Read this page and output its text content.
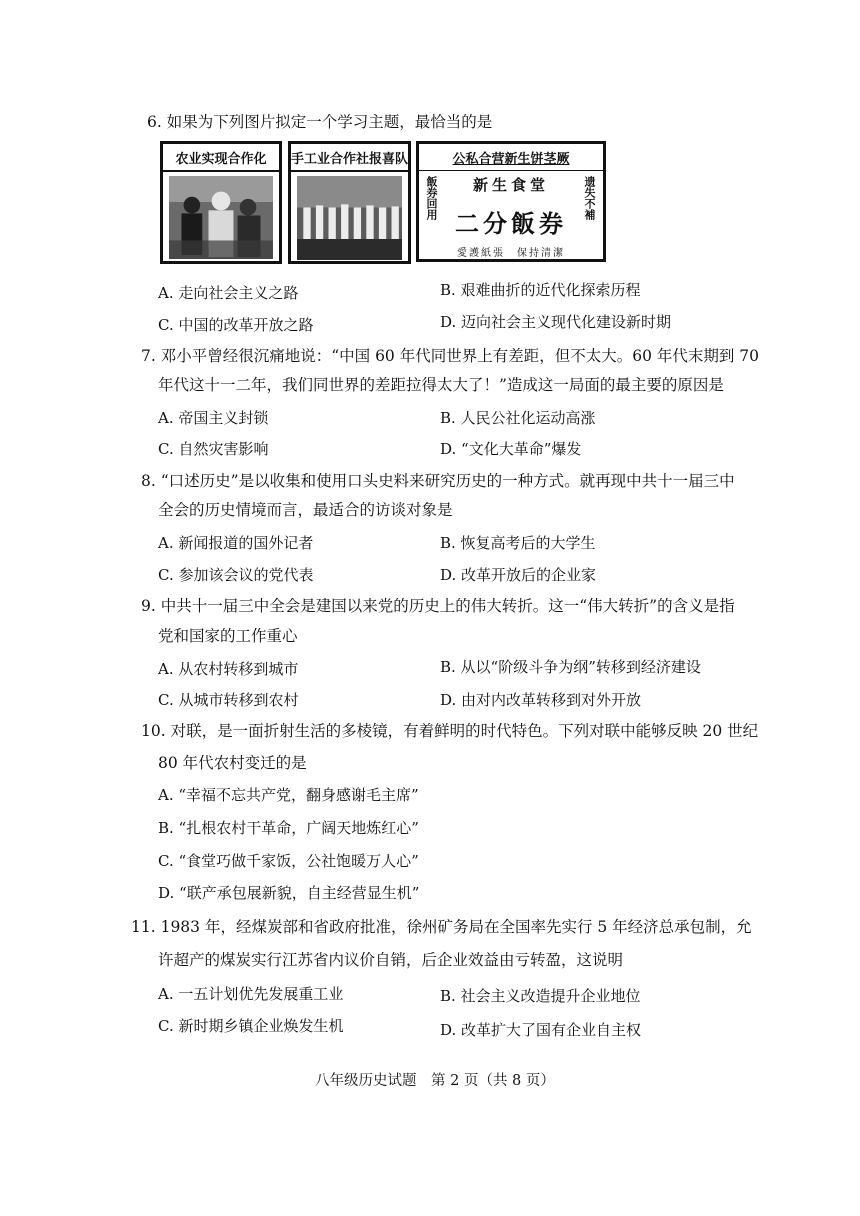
6. 如果为下列图片拟定一个学习主题，最恰当的是
农业实现合作化	手工业合作社报喜队	公私合营新生饼茎厥
飯券回用	遗失不補
新生食堂
二分飯券
愛護紙張　保持清潔
A. 走向社会主义之路	B. 艰难曲折的近代化探索历程
C. 中国的改革开放之路	D. 迈向社会主义现代化建设新时期
7. 邓小平曾经很沉痛地说：“中国 60 年代同世界上有差距，但不太大。60 年代末期到 70
年代这十一二年，我们同世界的差距拉得太大了！”造成这一局面的最主要的原因是
A. 帝国主义封锁	B. 人民公社化运动高涨
C. 自然灾害影响	D. “文化大革命”爆发
8. “口述历史”是以收集和使用口头史料来研究历史的一种方式。就再现中共十一届三中
全会的历史情境而言，最适合的访谈对象是
A. 新闻报道的国外记者	B. 恢复高考后的大学生
C. 参加该会议的党代表	D. 改革开放后的企业家
9. 中共十一届三中全会是建国以来党的历史上的伟大转折。这一“伟大转折”的含义是指
党和国家的工作重心
A. 从农村转移到城市	B. 从以“阶级斗争为纲”转移到经济建设
C. 从城市转移到农村	D. 由对内改革转移到对外开放
10. 对联，是一面折射生活的多棱镜，有着鲜明的时代特色。下列对联中能够反映 20 世纪
80 年代农村变迁的是
A. “幸福不忘共产党，翻身感谢毛主席”
B. “扎根农村干革命，广阔天地炼红心”
C. “食堂巧做千家饭，公社饱暖万人心”
D. “联产承包展新貌，自主经营显生机”
11. 1983 年，经煤炭部和省政府批准，徐州矿务局在全国率先实行 5 年经济总承包制，允
许超产的煤炭实行江苏省内议价自销，后企业效益由亏转盈，这说明
A. 一五计划优先发展重工业	B. 社会主义改造提升企业地位
C. 新时期乡镇企业焕发生机	D. 改革扩大了国有企业自主权
八年级历史试题　第 2 页（共 8 页）
